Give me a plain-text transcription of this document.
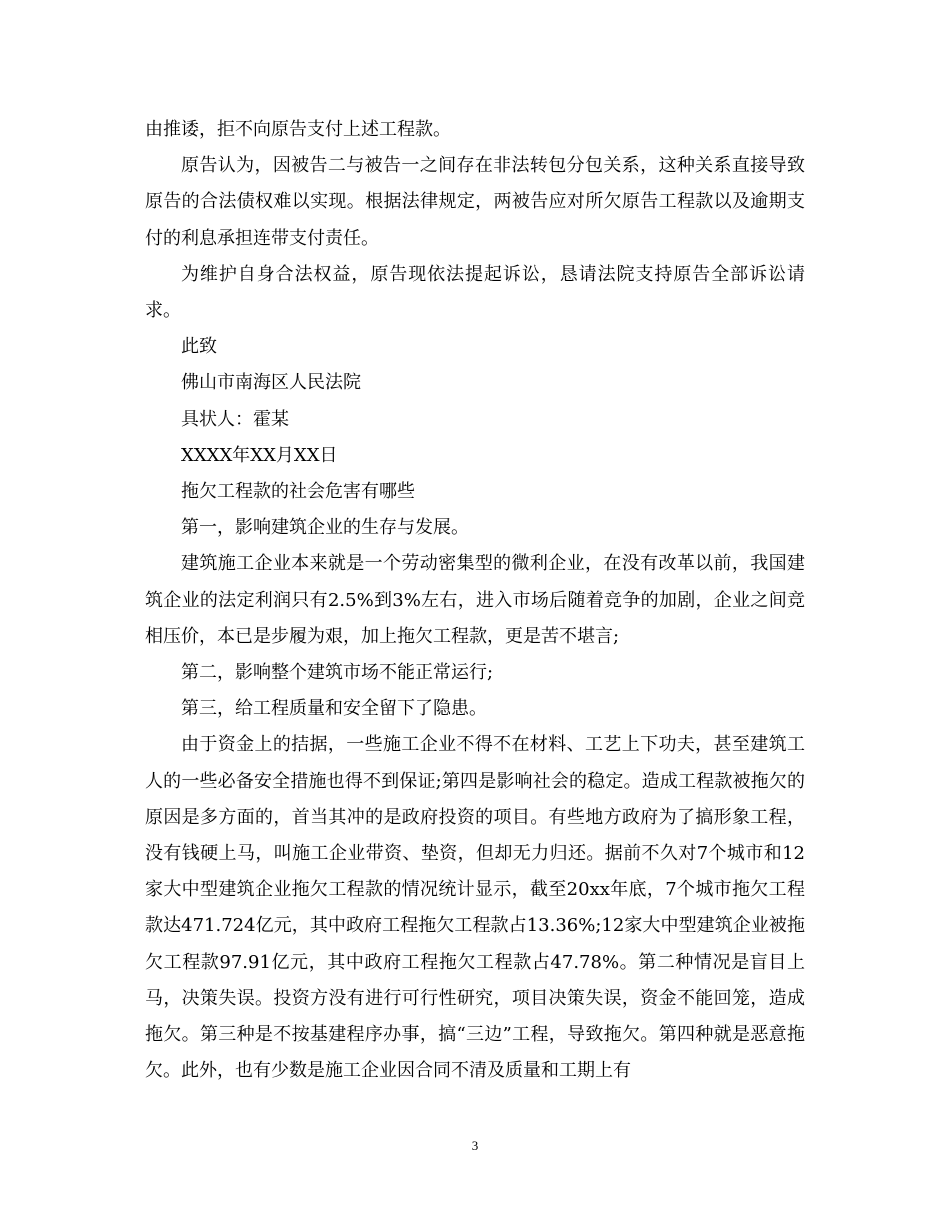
由推诿，拒不向原告支付上述工程款。

原告认为，因被告二与被告一之间存在非法转包分包关系，这种关系直接导致原告的合法债权难以实现。根据法律规定，两被告应对所欠原告工程款以及逾期支付的利息承担连带支付责任。

为维护自身合法权益，原告现依法提起诉讼，恳请法院支持原告全部诉讼请求。

此致

佛山市南海区人民法院

具状人：霍某

XXXX年XX月XX日

拖欠工程款的社会危害有哪些

第一，影响建筑企业的生存与发展。

建筑施工企业本来就是一个劳动密集型的微利企业，在没有改革以前，我国建筑企业的法定利润只有2.5%到3%左右，进入市场后随着竞争的加剧，企业之间竞相压价，本已是步履为艰，加上拖欠工程款，更是苦不堪言;

第二，影响整个建筑市场不能正常运行;

第三，给工程质量和安全留下了隐患。

由于资金上的拮据，一些施工企业不得不在材料、工艺上下功夫，甚至建筑工人的一些必备安全措施也得不到保证;第四是影响社会的稳定。造成工程款被拖欠的原因是多方面的，首当其冲的是政府投资的项目。有些地方政府为了搞形象工程，没有钱硬上马，叫施工企业带资、垫资，但却无力归还。据前不久对7个城市和12家大中型建筑企业拖欠工程款的情况统计显示，截至20xx年底，7个城市拖欠工程款达471.724亿元，其中政府工程拖欠工程款占13.36%;12家大中型建筑企业被拖欠工程款97.91亿元，其中政府工程拖欠工程款占47.78%。第二种情况是盲目上马，决策失误。投资方没有进行可行性研究，项目决策失误，资金不能回笼，造成拖欠。第三种是不按基建程序办事，搞“三边”工程，导致拖欠。第四种就是恶意拖欠。此外，也有少数是施工企业因合同不清及质量和工期上有

3
